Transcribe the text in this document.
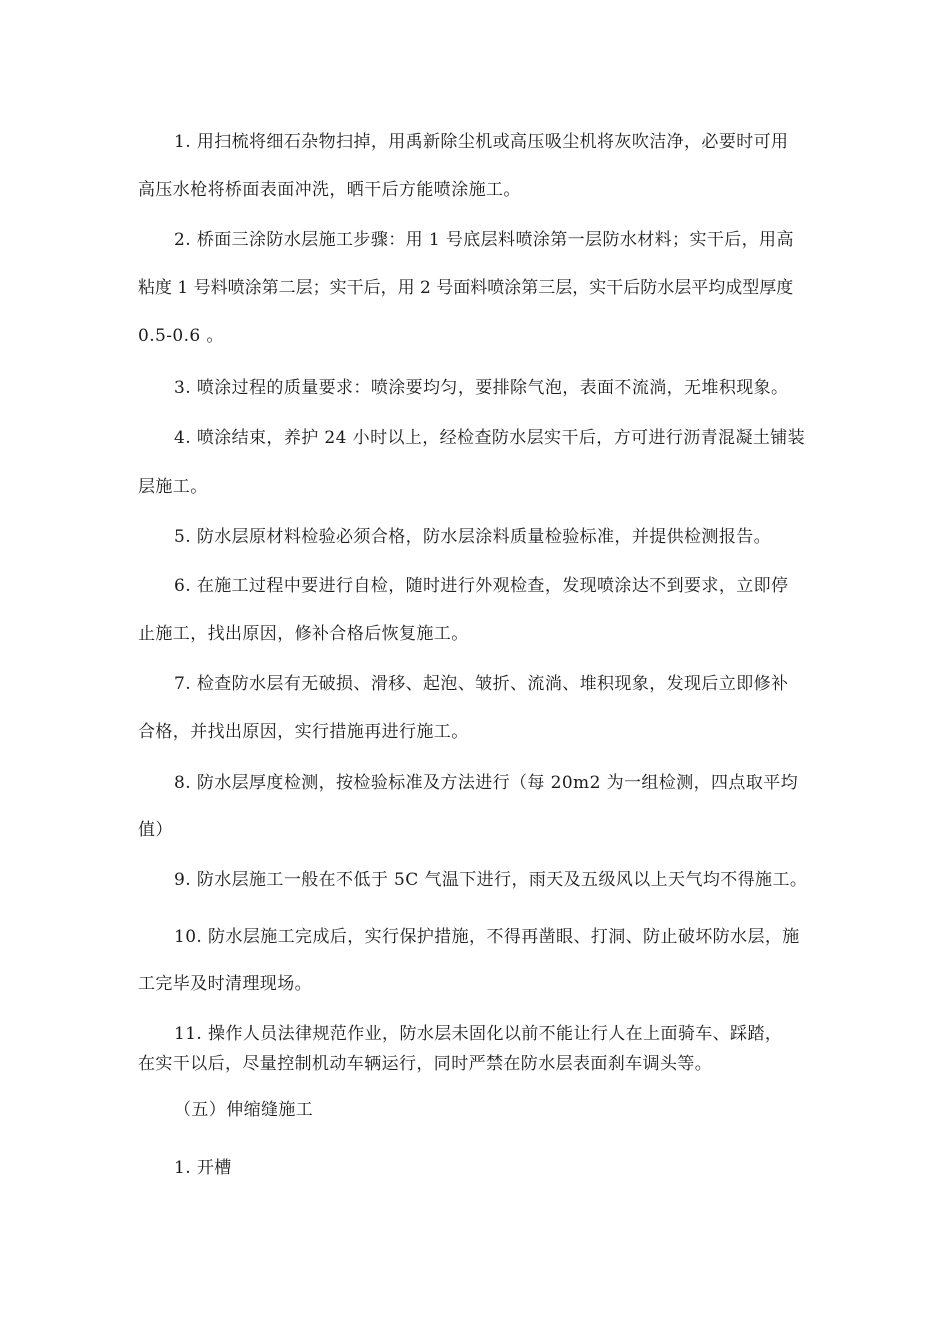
1. 用扫梳将细石杂物扫掉，用禹新除尘机或高压吸尘机将灰吹洁净，必要时可用
高压水枪将桥面表面冲洗，晒干后方能喷涂施工。
2. 桥面三涂防水层施工步骤：用 1 号底层料喷涂第一层防水材料；实干后，用高
粘度 1 号料喷涂第二层；实干后，用 2 号面料喷涂第三层，实干后防水层平均成型厚度
0.5-0.6 。
3. 喷涂过程的质量要求：喷涂要均匀，要排除气泡，表面不流淌，无堆积现象。
4. 喷涂结束，养护 24 小时以上，经检查防水层实干后，方可进行沥青混凝土铺装
层施工。
5. 防水层原材料检验必须合格，防水层涂料质量检验标准，并提供检测报告。
6. 在施工过程中要进行自检，随时进行外观检查，发现喷涂达不到要求，立即停
止施工，找出原因，修补合格后恢复施工。
7. 检查防水层有无破损、滑移、起泡、皱折、流淌、堆积现象，发现后立即修补
合格，并找出原因，实行措施再进行施工。
8. 防水层厚度检测，按检验标准及方法进行（每 20m2 为一组检测，四点取平均
值）
9. 防水层施工一般在不低于 5C 气温下进行，雨天及五级风以上天气均不得施工。
10. 防水层施工完成后，实行保护措施，不得再凿眼、打洞、防止破坏防水层，施
工完毕及时清理现场。
11. 操作人员法律规范作业，防水层未固化以前不能让行人在上面骑车、踩踏，
在实干以后，尽量控制机动车辆运行，同时严禁在防水层表面刹车调头等。
（五）伸缩缝施工
1. 开槽
